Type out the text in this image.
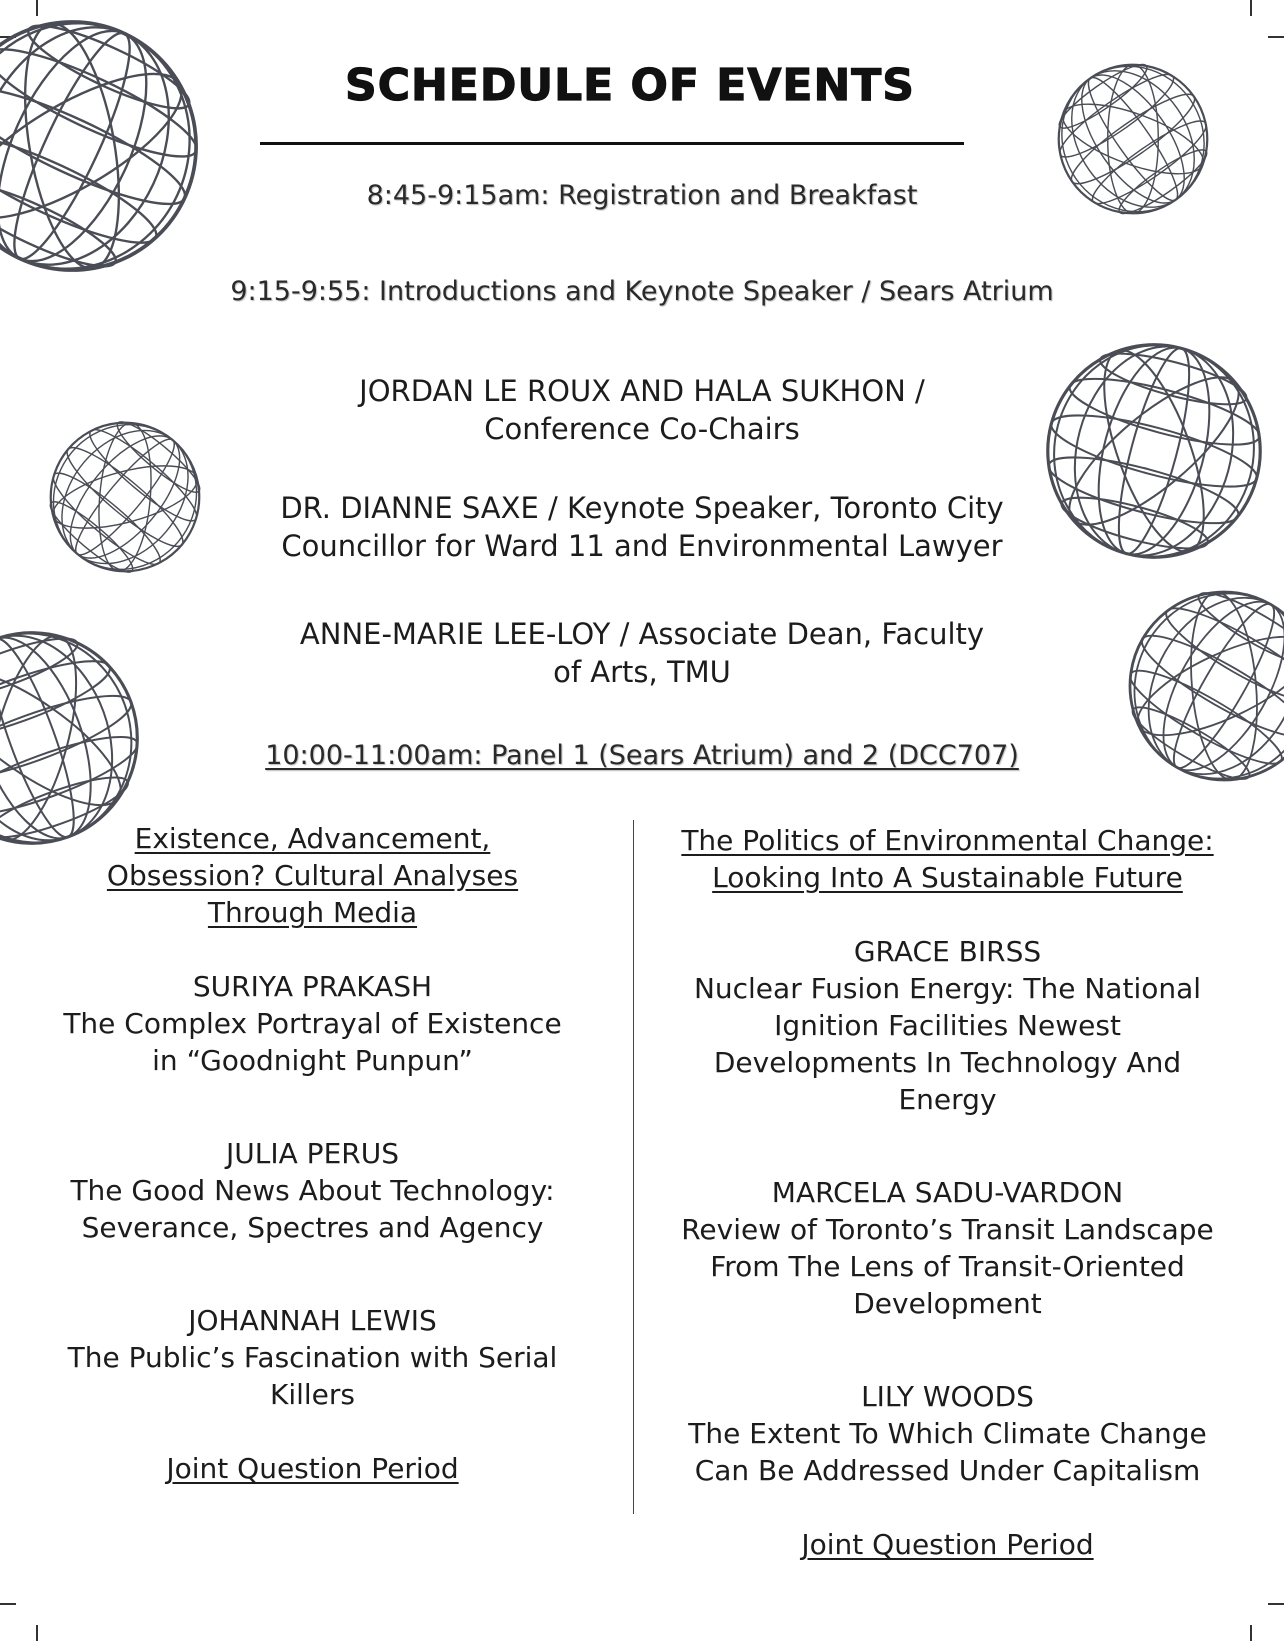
SCHEDULE OF EVENTS
8:45-9:15am: Registration and Breakfast
9:15-9:55: Introductions and Keynote Speaker / Sears Atrium
JORDAN LE ROUX AND HALA SUKHON /
Conference Co-Chairs
DR. DIANNE SAXE / Keynote Speaker, Toronto City
Councillor for Ward 11 and Environmental Lawyer
ANNE-MARIE LEE-LOY / Associate Dean, Faculty
of Arts, TMU
10:00-11:00am: Panel 1 (Sears Atrium) and 2 (DCC707)
Existence, Advancement,
Obsession? Cultural Analyses
Through Media
SURIYA PRAKASH
The Complex Portrayal of Existence
in “Goodnight Punpun”
JULIA PERUS
The Good News About Technology:
Severance, Spectres and Agency
JOHANNAH LEWIS
The Public’s Fascination with Serial
Killers
Joint Question Period
The Politics of Environmental Change:
Looking Into A Sustainable Future
GRACE BIRSS
Nuclear Fusion Energy: The National
Ignition Facilities Newest
Developments In Technology And
Energy
MARCELA SADU-VARDON
Review of Toronto’s Transit Landscape
From The Lens of Transit-Oriented
Development
LILY WOODS
The Extent To Which Climate Change
Can Be Addressed Under Capitalism
Joint Question Period
